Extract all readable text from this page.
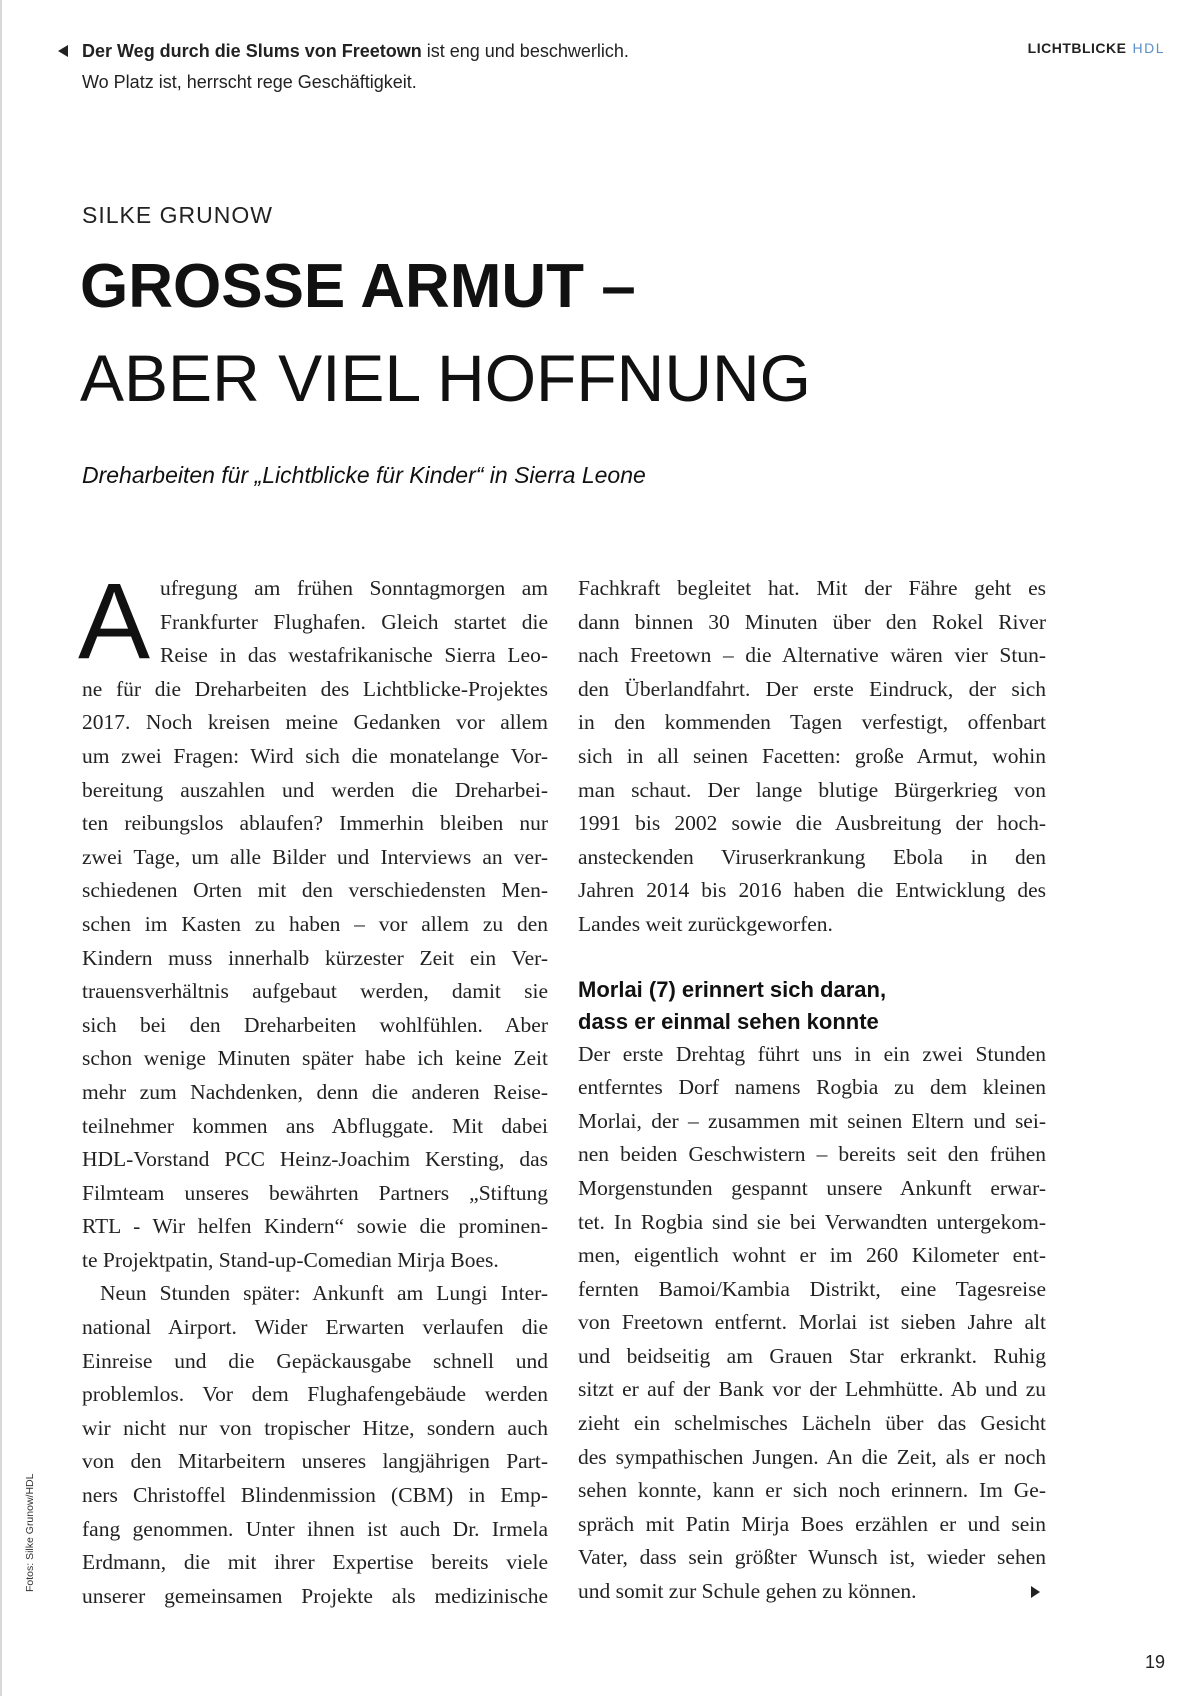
Der Weg durch die Slums von Freetown ist eng und beschwerlich.
Wo Platz ist, herrscht rege Geschäftigkeit.
LICHTBLICKE HDL
SILKE GRUNOW
GROSSE ARMUT –
ABER VIEL HOFFNUNG
Dreharbeiten für „Lichtblicke für Kinder“ in Sierra Leone
A ufregung am frühen Sonntagmorgen am
Frankfurter Flughafen. Gleich startet die
Reise in das westafrikanische Sierra Leo-
ne für die Dreharbeiten des Lichtblicke-Projektes
2017. Noch kreisen meine Gedanken vor allem
um zwei Fragen: Wird sich die monatelange Vor-
bereitung auszahlen und werden die Dreharbei-
ten reibungslos ablaufen? Immerhin bleiben nur
zwei Tage, um alle Bilder und Interviews an ver-
schiedenen Orten mit den verschiedensten Men-
schen im Kasten zu haben – vor allem zu den
Kindern muss innerhalb kürzester Zeit ein Ver-
trauensverhältnis aufgebaut werden, damit sie
sich bei den Dreharbeiten wohlfühlen. Aber
schon wenige Minuten später habe ich keine Zeit
mehr zum Nachdenken, denn die anderen Reise-
teilnehmer kommen ans Abfluggate. Mit dabei
HDL-Vorstand PCC Heinz-Joachim Kersting, das
Filmteam unseres bewährten Partners „Stiftung
RTL - Wir helfen Kindern“ sowie die prominen-
te Projektpatin, Stand-up-Comedian Mirja Boes.
Neun Stunden später: Ankunft am Lungi Inter-
national Airport. Wider Erwarten verlaufen die
Einreise und die Gepäckausgabe schnell und
problemlos. Vor dem Flughafengebäude werden
wir nicht nur von tropischer Hitze, sondern auch
von den Mitarbeitern unseres langjährigen Part-
ners Christoffel Blindenmission (CBM) in Emp-
fang genommen. Unter ihnen ist auch Dr. Irmela
Erdmann, die mit ihrer Expertise bereits viele
unserer gemeinsamen Projekte als medizinische
Fachkraft begleitet hat. Mit der Fähre geht es
dann binnen 30 Minuten über den Rokel River
nach Freetown – die Alternative wären vier Stun-
den Überlandfahrt. Der erste Eindruck, der sich
in den kommenden Tagen verfestigt, offenbart
sich in all seinen Facetten: große Armut, wohin
man schaut. Der lange blutige Bürgerkrieg von
1991 bis 2002 sowie die Ausbreitung der hoch-
ansteckenden Viruserkrankung Ebola in den
Jahren 2014 bis 2016 haben die Entwicklung des
Landes weit zurückgeworfen.
Morlai (7) erinnert sich daran,
dass er einmal sehen konnte
Der erste Drehtag führt uns in ein zwei Stunden
entferntes Dorf namens Rogbia zu dem kleinen
Morlai, der – zusammen mit seinen Eltern und sei-
nen beiden Geschwistern – bereits seit den frühen
Morgenstunden gespannt unsere Ankunft erwar-
tet. In Rogbia sind sie bei Verwandten untergekom-
men, eigentlich wohnt er im 260 Kilometer ent-
fernten Bamoi/Kambia Distrikt, eine Tagesreise
von Freetown entfernt. Morlai ist sieben Jahre alt
und beidseitig am Grauen Star erkrankt. Ruhig
sitzt er auf der Bank vor der Lehmhütte. Ab und zu
zieht ein schelmisches Lächeln über das Gesicht
des sympathischen Jungen. An die Zeit, als er noch
sehen konnte, kann er sich noch erinnern. Im Ge-
spräch mit Patin Mirja Boes erzählen er und sein
Vater, dass sein größter Wunsch ist, wieder sehen
und somit zur Schule gehen zu können.
Fotos: Silke Grunow/HDL
19
